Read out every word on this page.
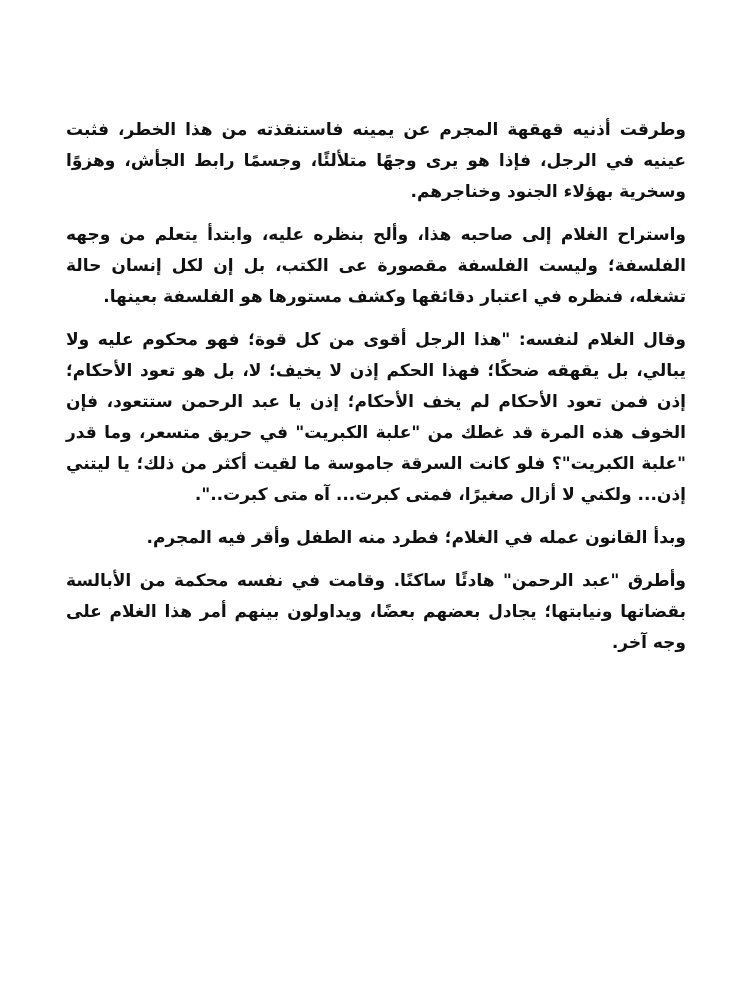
وطرقت أذنيه قهقهة المجرم عن يمينه فاستنقذته من هذا الخطر، فثبت عينيه في الرجل، فإذا هو يرى وجهًا متلألئًا، وجسمًا رابط الجأش، وهزوًا وسخرية بهؤلاء الجنود وخناجرهم.

واستراح الغلام إلى صاحبه هذا، وألح بنظره عليه، وابتدأ يتعلم من وجهه الفلسفة؛ وليست الفلسفة مقصورة عى الكتب، بل إن لكل إنسان حالة تشغله، فنظره في اعتبار دقائقها وكشف مستورها هو الفلسفة بعينها.

وقال الغلام لنفسه: "هذا الرجل أقوى من كل قوة؛ فهو محكوم عليه ولا يبالي، بل يقهقه ضحكًا؛ فهذا الحكم إذن لا يخيف؛ لا، بل هو تعود الأحكام؛ إذن فمن تعود الأحكام لم يخف الأحكام؛ إذن يا عبد الرحمن ستتعود، فإن الخوف هذه المرة قد غطك من "علبة الكبريت" في حريق متسعر، وما قدر "علبة الكبريت"؟ فلو كانت السرقة جاموسة ما لقيت أكثر من ذلك؛ يا ليتني إذن... ولكني لا أزال صغيرًا، فمتى كبرت... آه متى كبرت..".

وبدأ القانون عمله في الغلام؛ فطرد منه الطفل وأقر فيه المجرم.

وأطرق "عبد الرحمن" هادئًا ساكنًا. وقامت في نفسه محكمة من الأبالسة بقضاتها ونيابتها؛ يجادل بعضهم بعضًا، ويداولون بينهم أمر هذا الغلام على وجه آخر.
